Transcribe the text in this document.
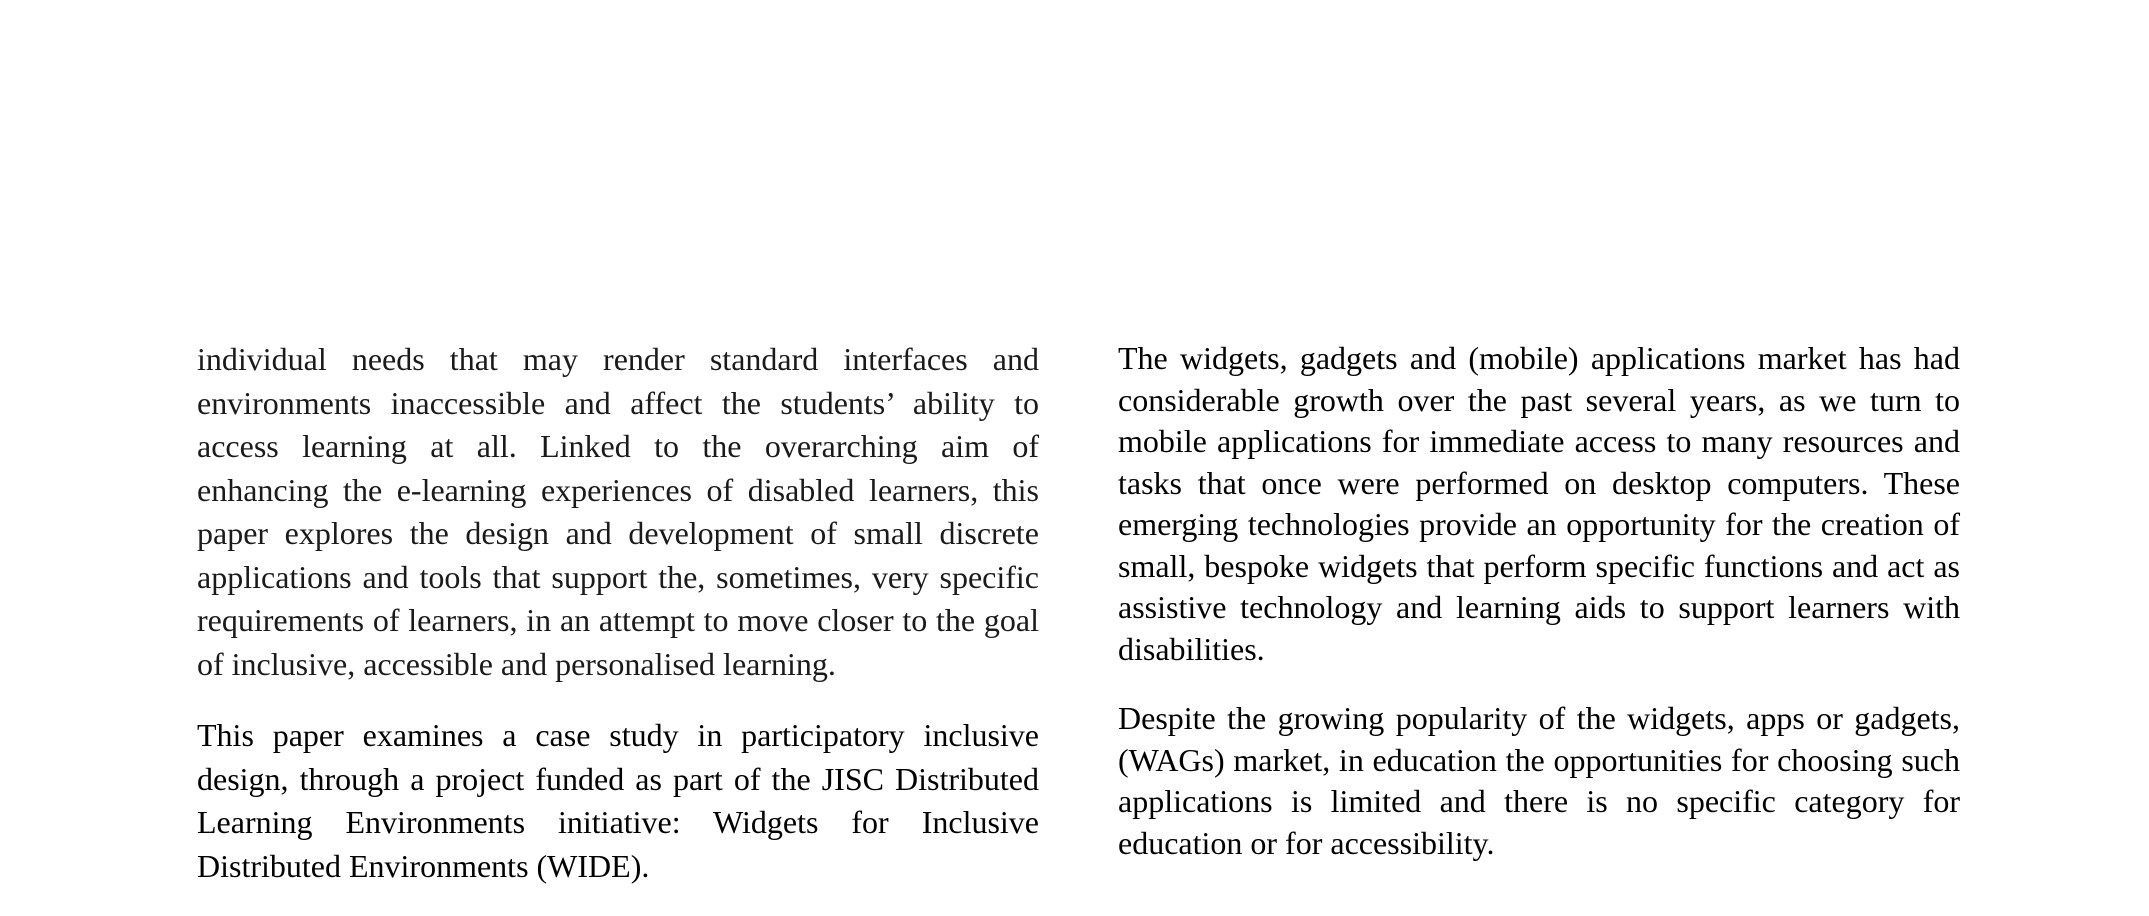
individual needs that may render standard interfaces and environments inaccessible and affect the students’ ability to access learning at all. Linked to the overarching aim of enhancing the e-learning experiences of disabled learners, this paper explores the design and development of small discrete applications and tools that support the, sometimes, very specific requirements of learners, in an attempt to move closer to the goal of inclusive, accessible and personalised learning.

This paper examines a case study in participatory inclusive design, through a project funded as part of the JISC Distributed Learning Environments initiative: Widgets for Inclusive Distributed Environments (WIDE).

The widgets, gadgets and (mobile) applications market has had considerable growth over the past several years, as we turn to mobile applications for immediate access to many resources and tasks that once were performed on desktop computers. These emerging technologies provide an opportunity for the creation of small, bespoke widgets that perform specific functions and act as assistive technology and learning aids to support learners with disabilities.

Despite the growing popularity of the widgets, apps or gadgets, (WAGs) market, in education the opportunities for choosing such applications is limited and there is no specific category for education or for accessibility.
